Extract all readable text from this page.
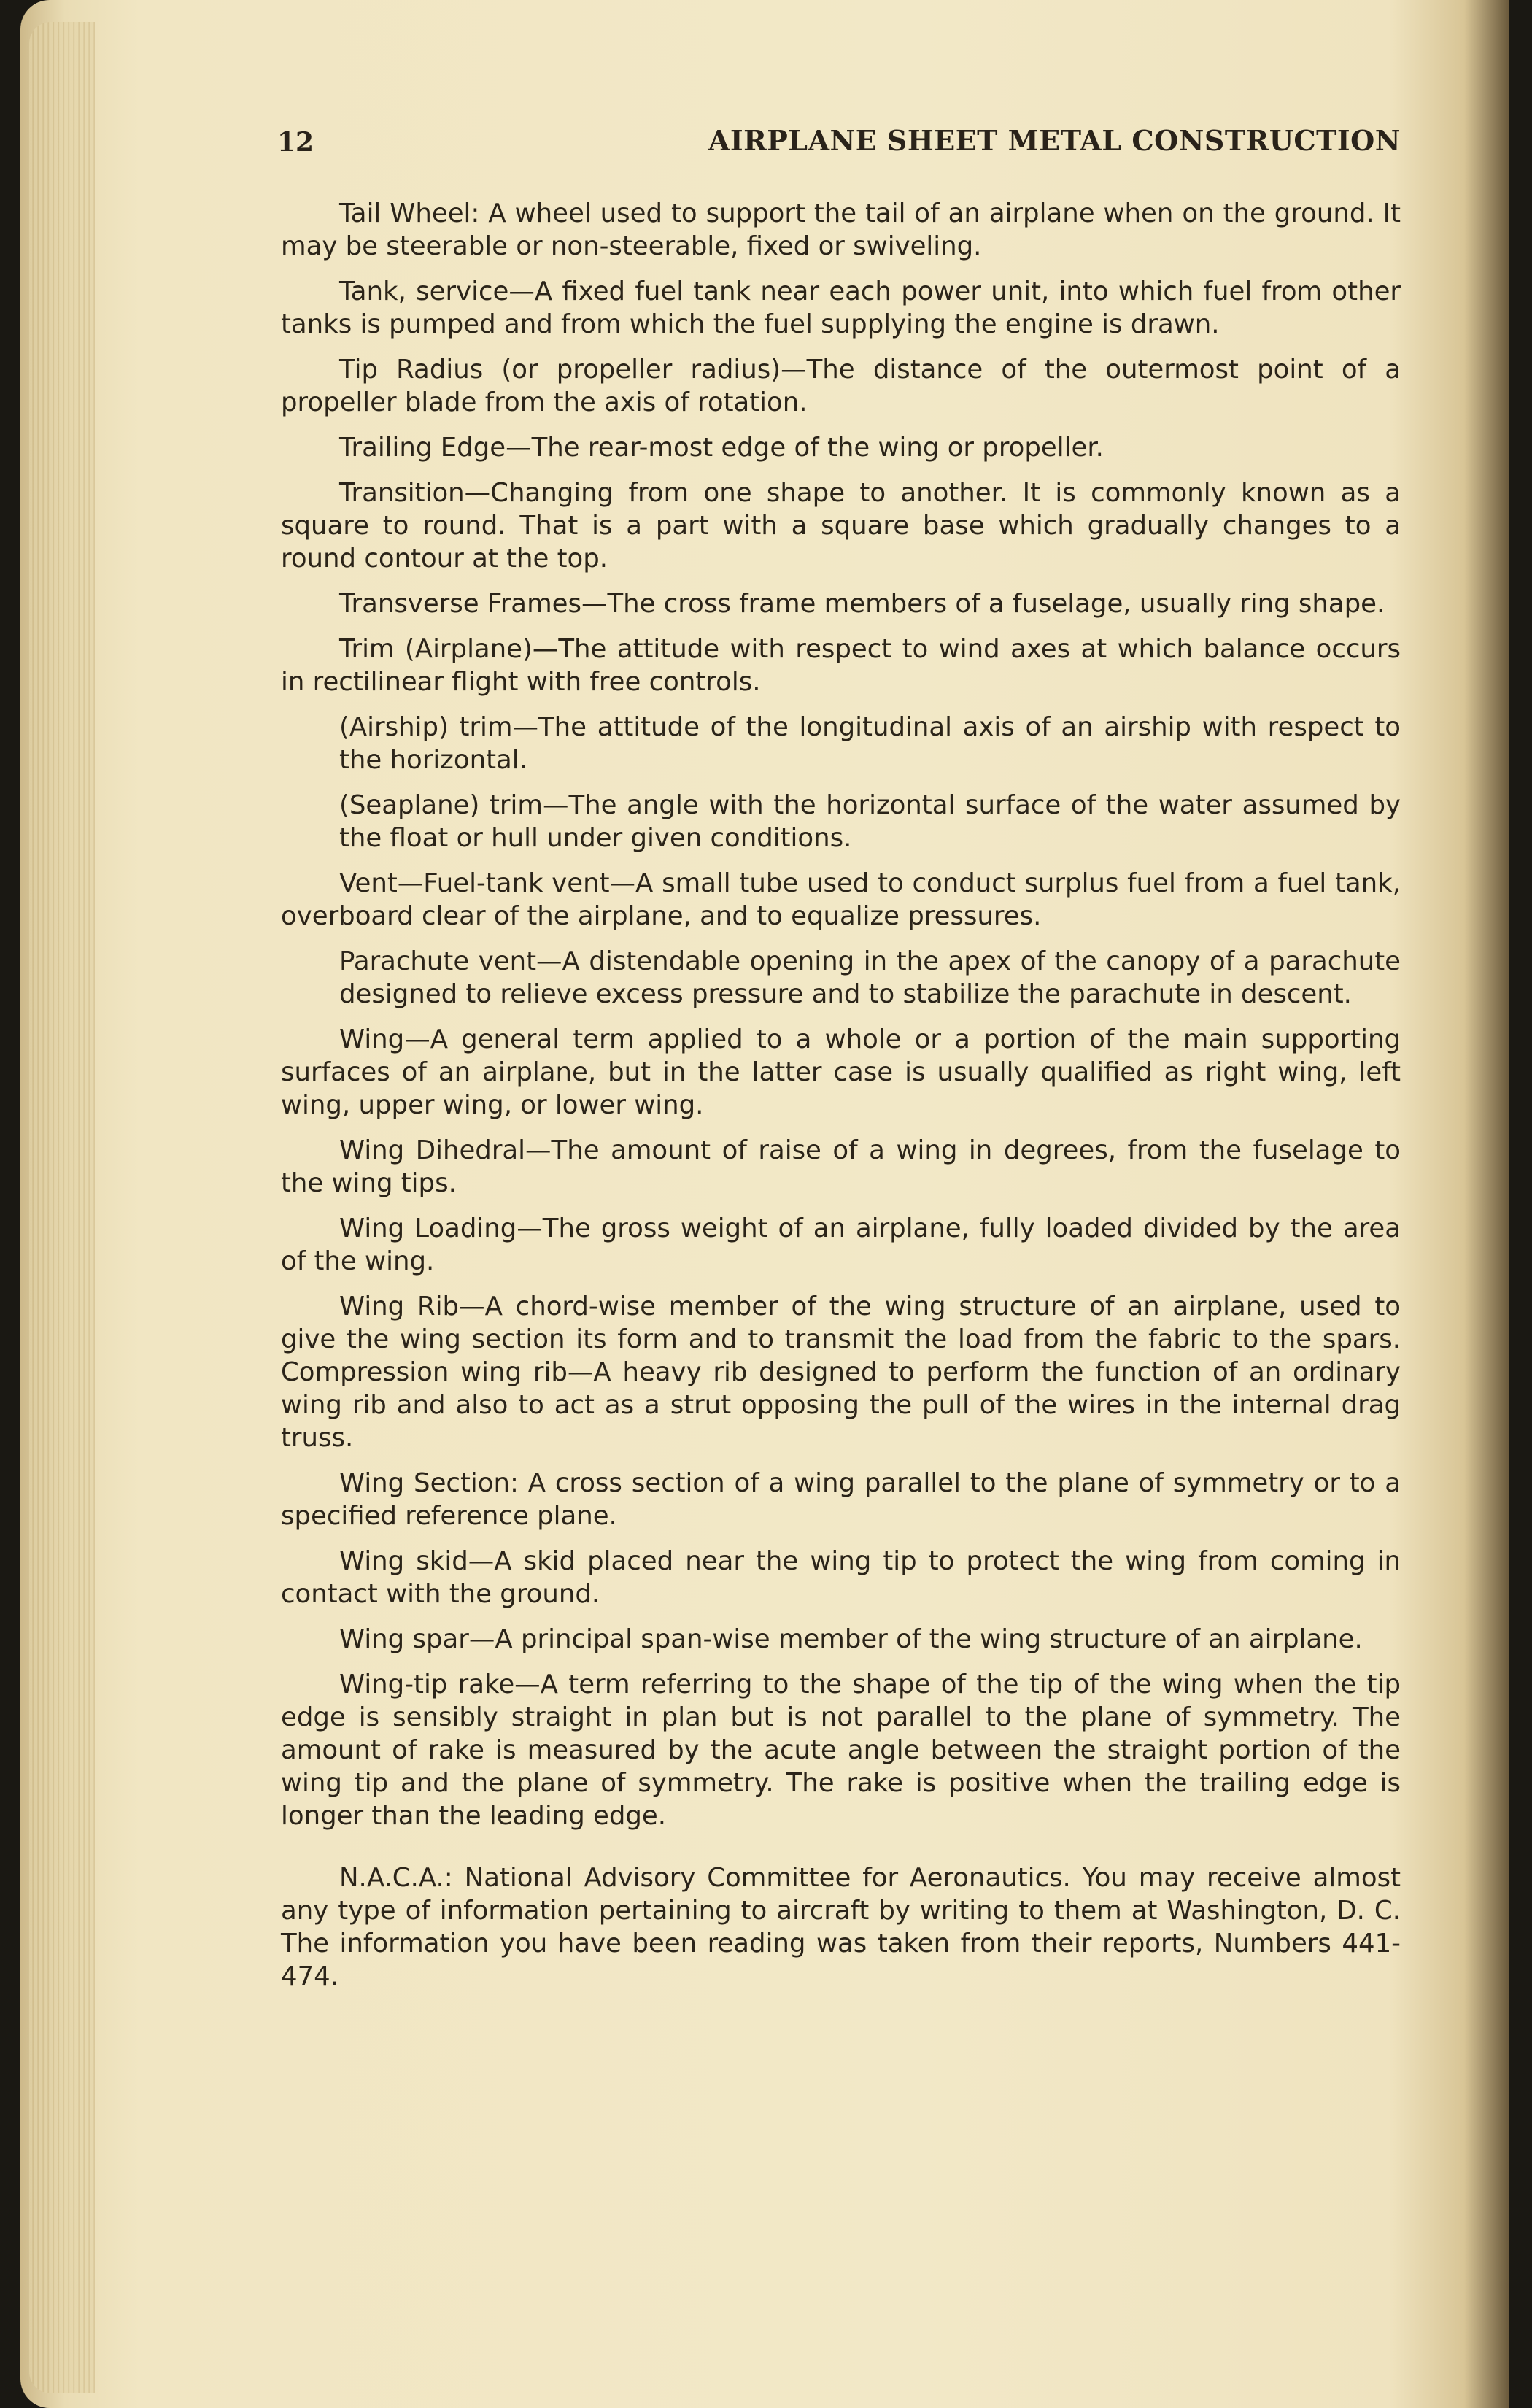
12	AIRPLANE SHEET METAL CONSTRUCTION

Tail Wheel: A wheel used to support the tail of an airplane when on the ground. It may be steerable or non-steerable, fixed or swiveling.

Tank, service—A fixed fuel tank near each power unit, into which fuel from other tanks is pumped and from which the fuel supplying the engine is drawn.

Tip Radius (or propeller radius)—The distance of the outermost point of a propeller blade from the axis of rotation.

Trailing Edge—The rear-most edge of the wing or propeller.

Transition—Changing from one shape to another. It is commonly known as a square to round. That is a part with a square base which gradually changes to a round contour at the top.

Transverse Frames—The cross frame members of a fuselage, usually ring shape.

Trim (Airplane)—The attitude with respect to wind axes at which balance occurs in rectilinear flight with free controls.

(Airship) trim—The attitude of the longitudinal axis of an airship with respect to the horizontal.

(Seaplane) trim—The angle with the horizontal surface of the water assumed by the float or hull under given conditions.

Vent—Fuel-tank vent—A small tube used to conduct surplus fuel from a fuel tank, overboard clear of the airplane, and to equalize pressures.

Parachute vent—A distendable opening in the apex of the canopy of a parachute designed to relieve excess pressure and to stabilize the parachute in descent.

Wing—A general term applied to a whole or a portion of the main supporting surfaces of an airplane, but in the latter case is usually qualified as right wing, left wing, upper wing, or lower wing.

Wing Dihedral—The amount of raise of a wing in degrees, from the fuselage to the wing tips.

Wing Loading—The gross weight of an airplane, fully loaded divided by the area of the wing.

Wing Rib—A chord-wise member of the wing structure of an airplane, used to give the wing section its form and to transmit the load from the fabric to the spars. Compression wing rib—A heavy rib designed to perform the function of an ordinary wing rib and also to act as a strut opposing the pull of the wires in the internal drag truss.

Wing Section: A cross section of a wing parallel to the plane of symmetry or to a specified reference plane.

Wing skid—A skid placed near the wing tip to protect the wing from coming in contact with the ground.

Wing spar—A principal span-wise member of the wing structure of an airplane.

Wing-tip rake—A term referring to the shape of the tip of the wing when the tip edge is sensibly straight in plan but is not parallel to the plane of symmetry. The amount of rake is measured by the acute angle between the straight portion of the wing tip and the plane of symmetry. The rake is positive when the trailing edge is longer than the leading edge.

N.A.C.A.: National Advisory Committee for Aeronautics. You may receive almost any type of information pertaining to aircraft by writing to them at Washington, D. C. The information you have been reading was taken from their reports, Numbers 441-474.
